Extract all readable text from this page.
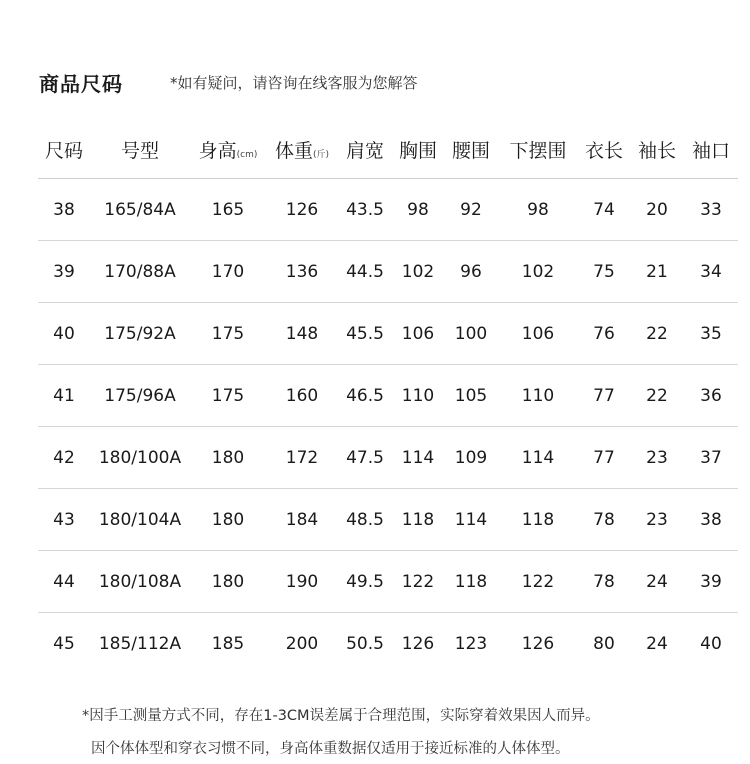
商品尺码	*如有疑问，请咨询在线客服为您解答
尺码	号型	身高(cm)	体重(斤)	肩宽	胸围	腰围	下摆围	衣长	袖长	袖口
38	165/84A	165	126	43.5	98	92	98	74	20	33
39	170/88A	170	136	44.5	102	96	102	75	21	34
40	175/92A	175	148	45.5	106	100	106	76	22	35
41	175/96A	175	160	46.5	110	105	110	77	22	36
42	180/100A	180	172	47.5	114	109	114	77	23	37
43	180/104A	180	184	48.5	118	114	118	78	23	38
44	180/108A	180	190	49.5	122	118	122	78	24	39
45	185/112A	185	200	50.5	126	123	126	80	24	40
*因手工测量方式不同，存在1-3CM误差属于合理范围，实际穿着效果因人而异。
因个体体型和穿衣习惯不同，身高体重数据仅适用于接近标准的人体体型。
